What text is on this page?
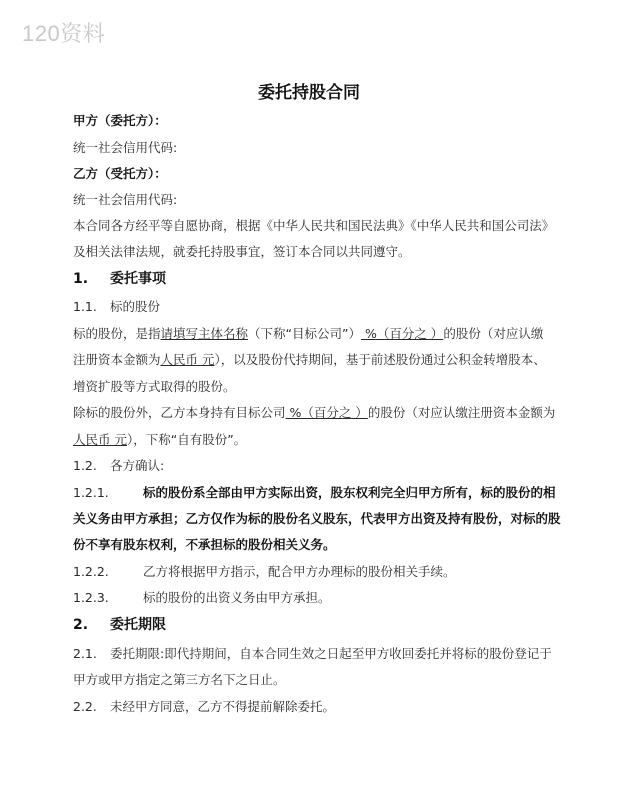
120资料
委托持股合同
甲方（委托方）：
统一社会信用代码:
乙方（受托方）：
统一社会信用代码:
本合同各方经平等自愿协商，根据《中华人民共和国民法典》《中华人民共和国公司法》
及相关法律法规，就委托持股事宜，签订本合同以共同遵守。
1. 委托事项
1.1. 标的股份
标的股份，是指请填写主体名称（下称“目标公司”） %（百分之 ）的股份（对应认缴
注册资本金额为人民币 元），以及股份代持期间，基于前述股份通过公积金转增股本、
增资扩股等方式取得的股份。
除标的股份外，乙方本身持有目标公司 %（百分之 ）的股份（对应认缴注册资本金额为
人民币 元），下称“自有股份”。
1.2. 各方确认:
1.2.1.	标的股份系全部由甲方实际出资，股东权利完全归甲方所有，标的股份的相
关义务由甲方承担；乙方仅作为标的股份名义股东，代表甲方出资及持有股份，对标的股
份不享有股东权利，不承担标的股份相关义务。
1.2.2.	乙方将根据甲方指示，配合甲方办理标的股份相关手续。
1.2.3.	标的股份的出资义务由甲方承担。
2. 委托期限
2.1. 委托期限:即代持期间，自本合同生效之日起至甲方收回委托并将标的股份登记于
甲方或甲方指定之第三方名下之日止。
2.2. 未经甲方同意，乙方不得提前解除委托。
